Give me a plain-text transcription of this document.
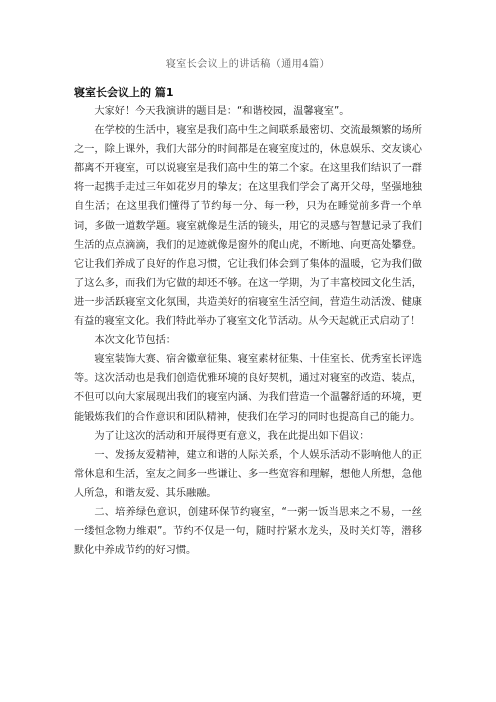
寝室长会议上的讲话稿（通用4篇）

寝室长会议上的 篇1

大家好！今天我演讲的题目是：“和谐校园，温馨寝室”。

在学校的生活中，寝室是我们高中生之间联系最密切、交流最频繁的场所之一，除上课外，我们大部分的时间都是在寝室度过的，休息娱乐、交友谈心都离不开寝室，可以说寝室是我们高中生的第二个家。在这里我们结识了一群将一起携手走过三年如花岁月的挚友；在这里我们学会了离开父母，坚强地独自生活；在这里我们懂得了节约每一分、每一秒，只为在睡觉前多背一个单词，多做一道数学题。寝室就像是生活的镜头，用它的灵感与智慧记录了我们生活的点点滴滴，我们的足迹就像是窗外的爬山虎，不断地、向更高处攀登。它让我们养成了良好的作息习惯，它让我们体会到了集体的温暖，它为我们做了这么多，而我们为它做的却还不够。在这一学期，为了丰富校园文化生活，进一步活跃寝室文化氛围，共造美好的宿寝室生活空间，营造生动活泼、健康有益的寝室文化。我们特此举办了寝室文化节活动。从今天起就正式启动了！

本次文化节包括：

寝室装饰大赛、宿舍徽章征集、寝室素材征集、十佳室长、优秀室长评选等。这次活动也是我们创造优雅环境的良好契机，通过对寝室的改造、装点，不但可以向大家展现出我们的寝室内涵、为我们营造一个温馨舒适的环境，更能锻炼我们的合作意识和团队精神，使我们在学习的同时也提高自己的能力。

为了让这次的活动和开展得更有意义，我在此提出如下倡议：

一、发扬友爱精神，建立和谐的人际关系，个人娱乐活动不影响他人的正常休息和生活，室友之间多一些谦让、多一些宽容和理解，想他人所想，急他人所急，和谐友爱、其乐融融。

二、培养绿色意识，创建环保节约寝室，“一粥一饭当思来之不易，一丝一缕恒念物力维艰”。节约不仅是一句，随时拧紧水龙头，及时关灯等，潜移默化中养成节约的好习惯。
